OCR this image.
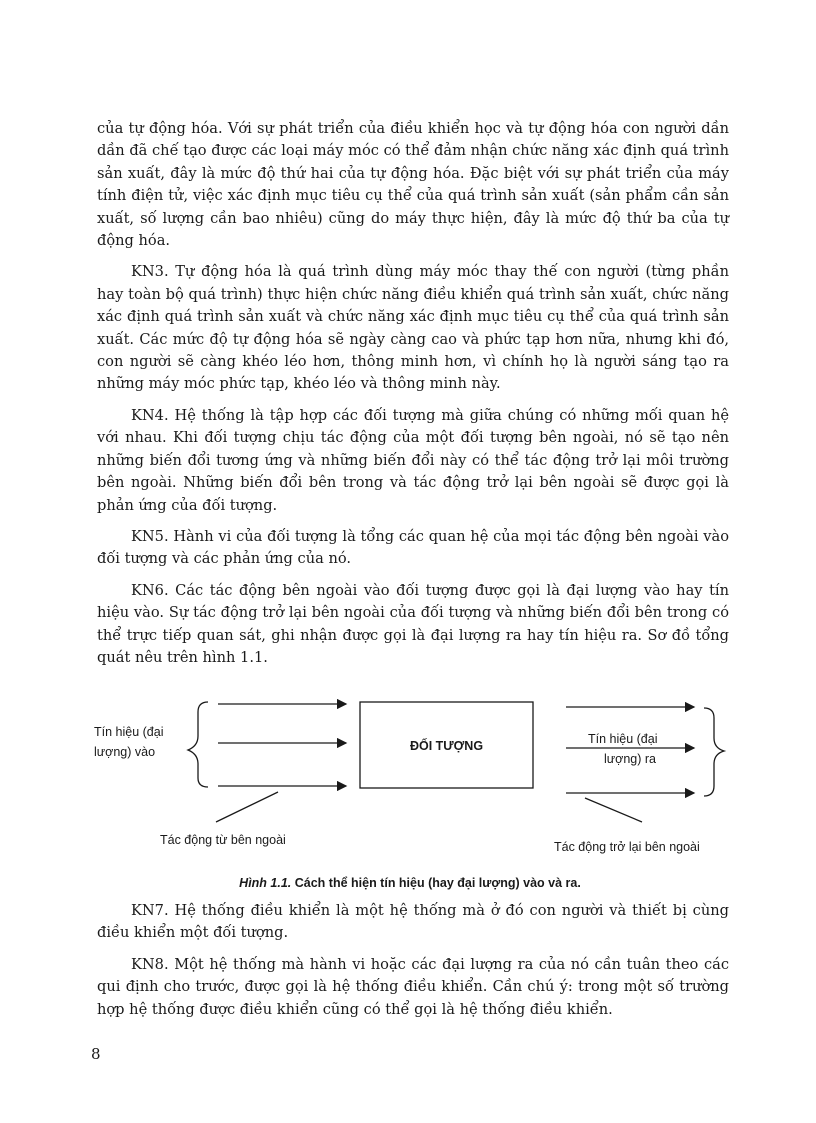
của tự động hóa. Với sự phát triển của điều khiển học và tự động hóa con người dần dần đã chế tạo được các loại máy móc có thể đảm nhận chức năng xác định quá trình sản xuất, đây là mức độ thứ hai của tự động hóa. Đặc biệt với sự phát triển của máy tính điện tử, việc xác định mục tiêu cụ thể của quá trình sản xuất (sản phẩm cần sản xuất, số lượng cần bao nhiêu) cũng do máy thực hiện, đây là mức độ thứ ba của tự động hóa.

KN3. Tự động hóa là quá trình dùng máy móc thay thế con người (từng phần hay toàn bộ quá trình) thực hiện chức năng điều khiển quá trình sản xuất, chức năng xác định quá trình sản xuất và chức năng xác định mục tiêu cụ thể của quá trình sản xuất. Các mức độ tự động hóa sẽ ngày càng cao và phức tạp hơn nữa, nhưng khi đó, con người sẽ càng khéo léo hơn, thông minh hơn, vì chính họ là người sáng tạo ra những máy móc phức tạp, khéo léo và thông minh này.

KN4. Hệ thống là tập hợp các đối tượng mà giữa chúng có những mối quan hệ với nhau. Khi đối tượng chịu tác động của một đối tượng bên ngoài, nó sẽ tạo nên những biến đổi tương ứng và những biến đổi này có thể tác động trở lại môi trường bên ngoài. Những biến đổi bên trong và tác động trở lại bên ngoài sẽ được gọi là phản ứng của đối tượng.

KN5. Hành vi của đối tượng là tổng các quan hệ của mọi tác động bên ngoài vào đối tượng và các phản ứng của nó.

KN6. Các tác động bên ngoài vào đối tượng được gọi là đại lượng vào hay tín hiệu vào. Sự tác động trở lại bên ngoài của đối tượng và những biến đổi bên trong có thể trực tiếp quan sát, ghi nhận được gọi là đại lượng ra hay tín hiệu ra. Sơ đồ tổng quát nêu trên hình 1.1.

Tín hiệu (đại
lượng) vào	ĐỐI TƯỢNG	Tín hiệu (đại
lượng) ra
Tác động từ bên ngoài	Tác động trở lại bên ngoài
Hình 1.1. Cách thể hiện tín hiệu (hay đại lượng) vào và ra.

KN7. Hệ thống điều khiển là một hệ thống mà ở đó con người và thiết bị cùng điều khiển một đối tượng.

KN8. Một hệ thống mà hành vi hoặc các đại lượng ra của nó cần tuân theo các qui định cho trước, được gọi là hệ thống điều khiển. Cần chú ý: trong một số trường hợp hệ thống được điều khiển cũng có thể gọi là hệ thống điều khiển.

8
